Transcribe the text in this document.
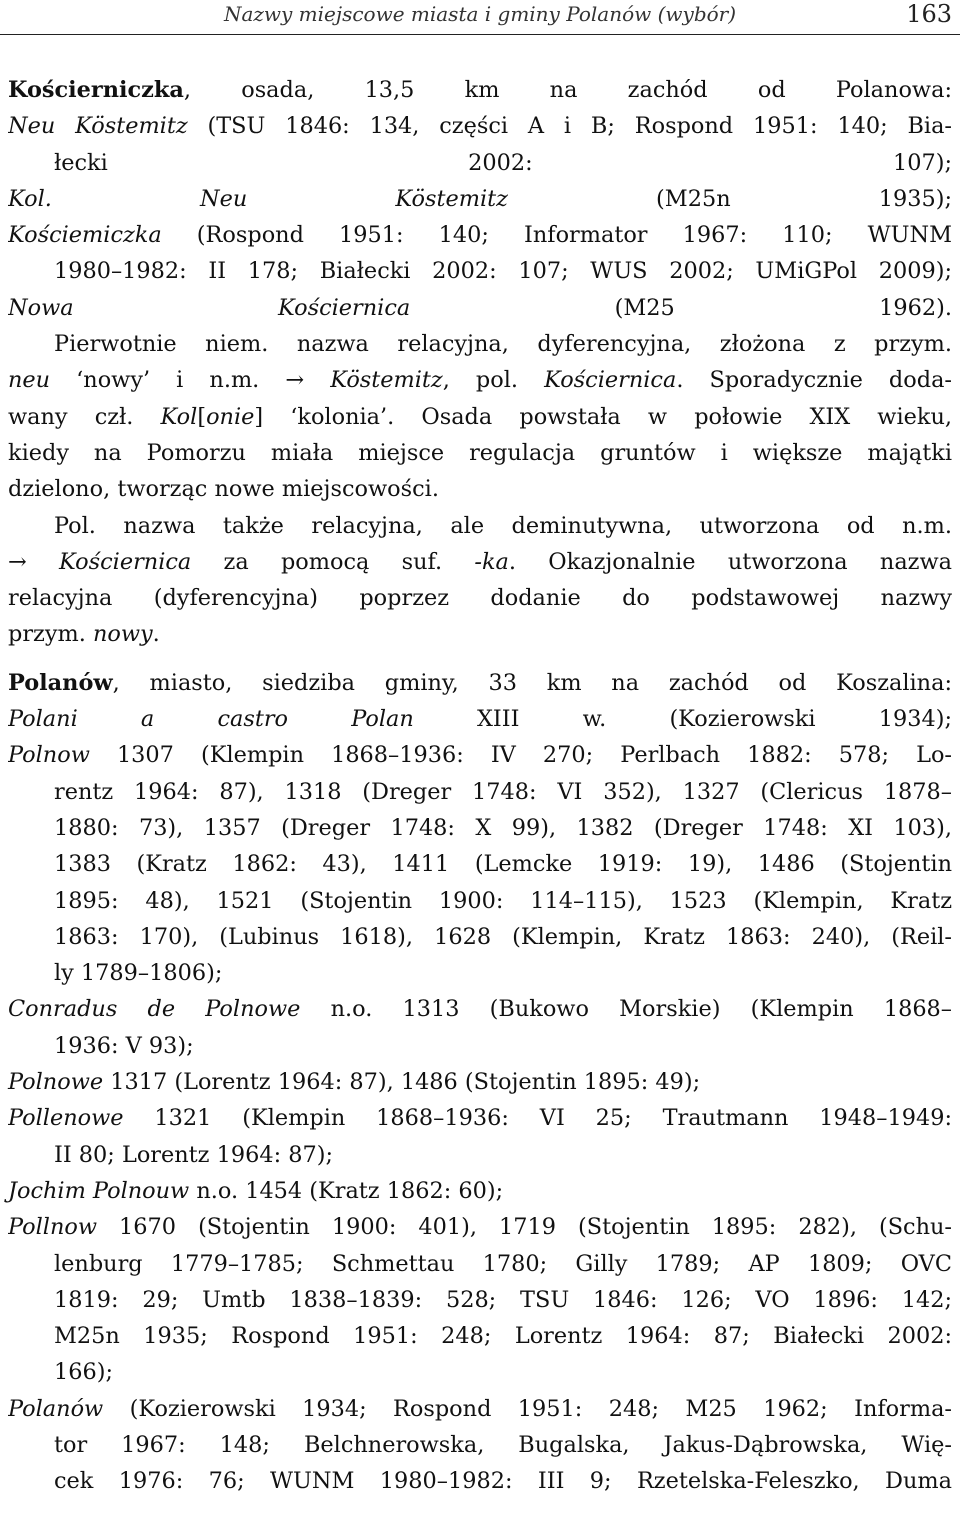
Nazwy miejscowe miasta i gminy Polanów (wybór)	163
Kościerniczka, osada, 13,5 km na zachód od Polanowa:
Neu Köstemitz (TSU 1846: 134, części A i B; Rospond 1951: 140; Bia-
łecki 2002: 107);
Kol. Neu Köstemitz (M25n 1935);
Kościemiczka (Rospond 1951: 140; Informator 1967: 110; WUNM
1980–1982: II 178; Białecki 2002: 107; WUS 2002; UMiGPol 2009);
Nowa Kościernica (M25 1962).
Pierwotnie niem. nazwa relacyjna, dyferencyjna, złożona z przym.
neu ‘nowy’ i n.m. → Köstemitz, pol. Kościernica. Sporadycznie doda-
wany czł. Kol[onie] ‘kolonia’. Osada powstała w połowie XIX wieku,
kiedy na Pomorzu miała miejsce regulacja gruntów i większe majątki
dzielono, tworząc nowe miejscowości.
Pol. nazwa także relacyjna, ale deminutywna, utworzona od n.m.
→ Kościernica za pomocą suf. -ka. Okazjonalnie utworzona nazwa
relacyjna (dyferencyjna) poprzez dodanie do podstawowej nazwy
przym. nowy.
Polanów, miasto, siedziba gminy, 33 km na zachód od Koszalina:
Polani a castro Polan XIII w. (Kozierowski 1934);
Polnow 1307 (Klempin 1868–1936: IV 270; Perlbach 1882: 578; Lo-
rentz 1964: 87), 1318 (Dreger 1748: VI 352), 1327 (Clericus 1878–
1880: 73), 1357 (Dreger 1748: X 99), 1382 (Dreger 1748: XI 103),
1383 (Kratz 1862: 43), 1411 (Lemcke 1919: 19), 1486 (Stojentin
1895: 48), 1521 (Stojentin 1900: 114–115), 1523 (Klempin, Kratz
1863: 170), (Lubinus 1618), 1628 (Klempin, Kratz 1863: 240), (Reil-
ly 1789–1806);
Conradus de Polnowe n.o. 1313 (Bukowo Morskie) (Klempin 1868–
1936: V 93);
Polnowe 1317 (Lorentz 1964: 87), 1486 (Stojentin 1895: 49);
Pollenowe 1321 (Klempin 1868–1936: VI 25; Trautmann 1948–1949:
II 80; Lorentz 1964: 87);
Jochim Polnouw n.o. 1454 (Kratz 1862: 60);
Pollnow 1670 (Stojentin 1900: 401), 1719 (Stojentin 1895: 282), (Schu-
lenburg 1779–1785; Schmettau 1780; Gilly 1789; AP 1809; OVC
1819: 29; Umtb 1838–1839: 528; TSU 1846: 126; VO 1896: 142;
M25n 1935; Rospond 1951: 248; Lorentz 1964: 87; Białecki 2002:
166);
Polanów (Kozierowski 1934; Rospond 1951: 248; M25 1962; Informa-
tor 1967: 148; Belchnerowska, Bugalska, Jakus-Dąbrowska, Wię-
cek 1976: 76; WUNM 1980–1982: III 9; Rzetelska-Feleszko, Duma
